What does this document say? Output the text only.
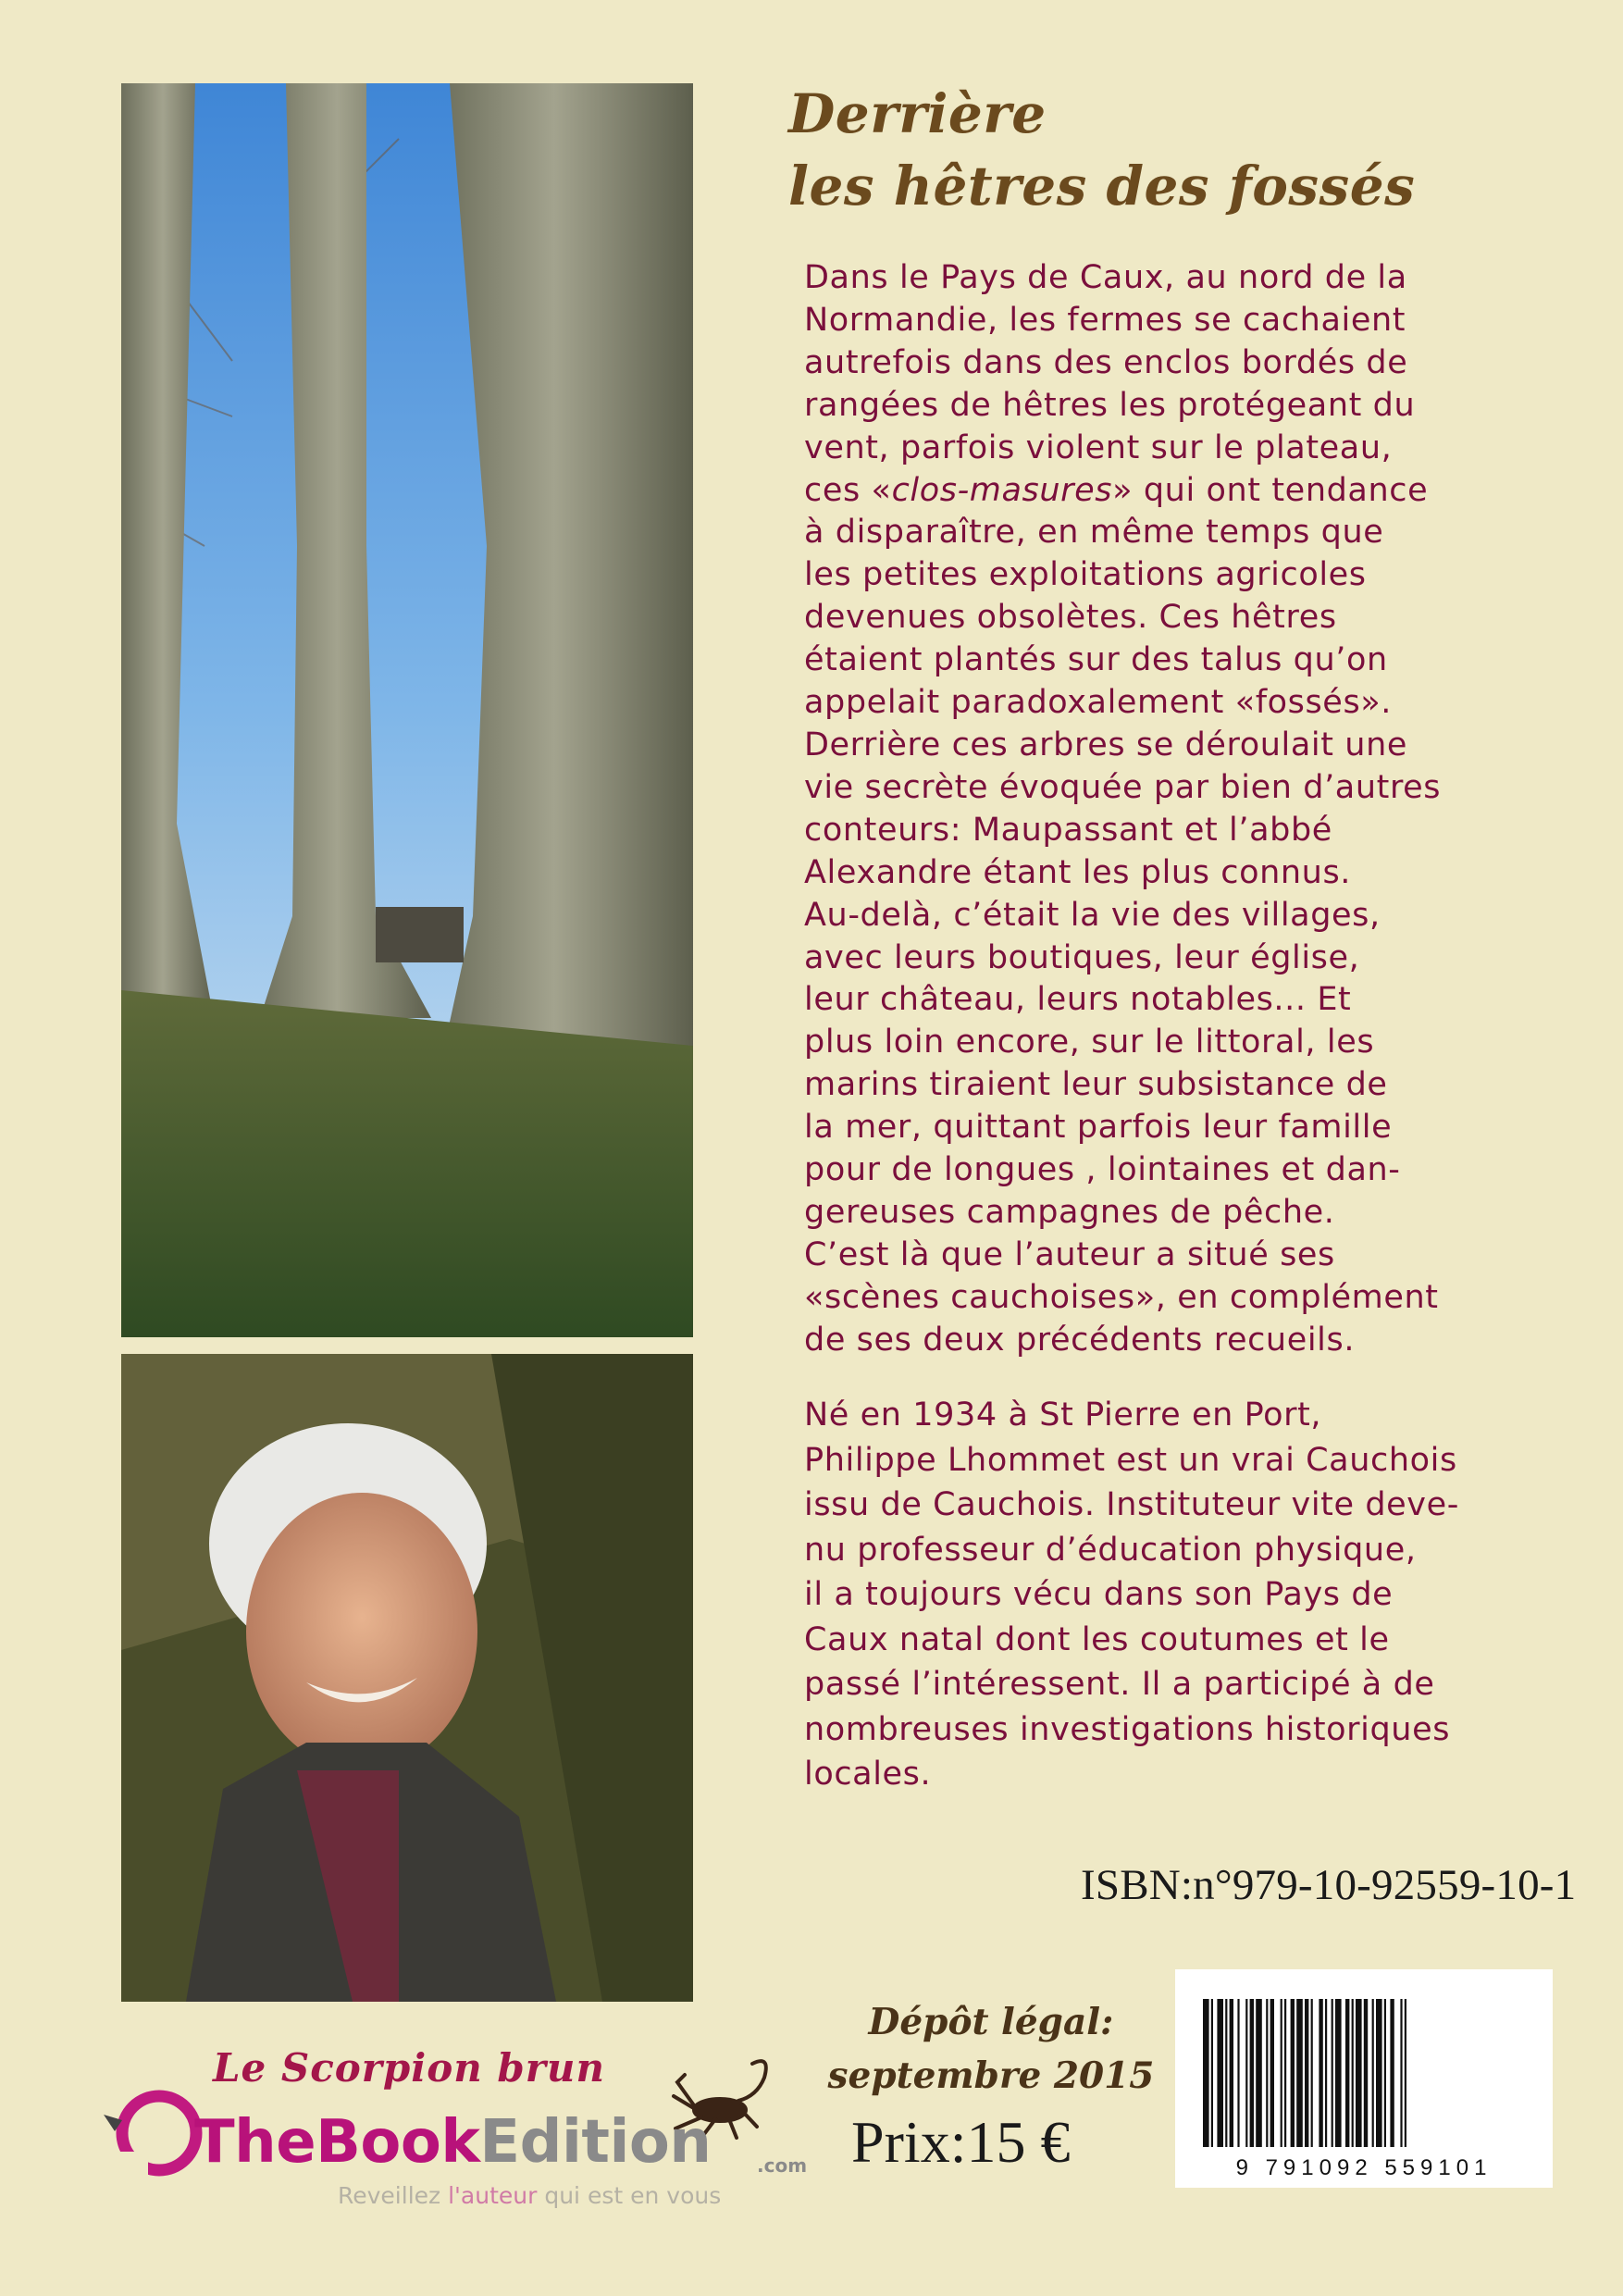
Derrière
les hêtres des fossés
Dans le Pays de Caux, au nord de la
Normandie, les fermes se cachaient
autrefois dans des enclos bordés de
rangées de hêtres les protégeant du
vent, parfois violent sur le plateau,
ces «clos-masures» qui ont tendance
à disparaître, en même temps que
les petites exploitations agricoles
devenues obsolètes. Ces hêtres
étaient plantés sur des talus qu’on
appelait paradoxalement «fossés».
Derrière ces arbres se déroulait une
vie secrète évoquée par bien d’autres
conteurs: Maupassant et l’abbé
Alexandre étant les plus connus.
Au-delà, c’était la vie des villages,
avec leurs boutiques, leur église,
leur château, leurs notables... Et
plus loin encore, sur le littoral, les
marins tiraient leur subsistance de
la mer, quittant parfois leur famille
pour de longues , lointaines et dan-
gereuses campagnes de pêche.
C’est là que l’auteur a situé ses
«scènes cauchoises», en complément
de ses deux précédents recueils.
Né en 1934 à St Pierre en Port,
Philippe Lhommet est un vrai Cauchois
issu de Cauchois. Instituteur vite deve-
nu professeur d’éducation physique,
il a toujours vécu dans son Pays de
Caux natal dont les coutumes et le
passé l’intéressent. Il a participé à de
nombreuses investigations historiques
locales.
ISBN:n°979-10-92559-10-1
Dépôt légal:
septembre 2015
Prix:15 €	9 791092 559101
Le Scorpion brun
TheBookEdition .com
Reveillez l'auteur qui est en vous
